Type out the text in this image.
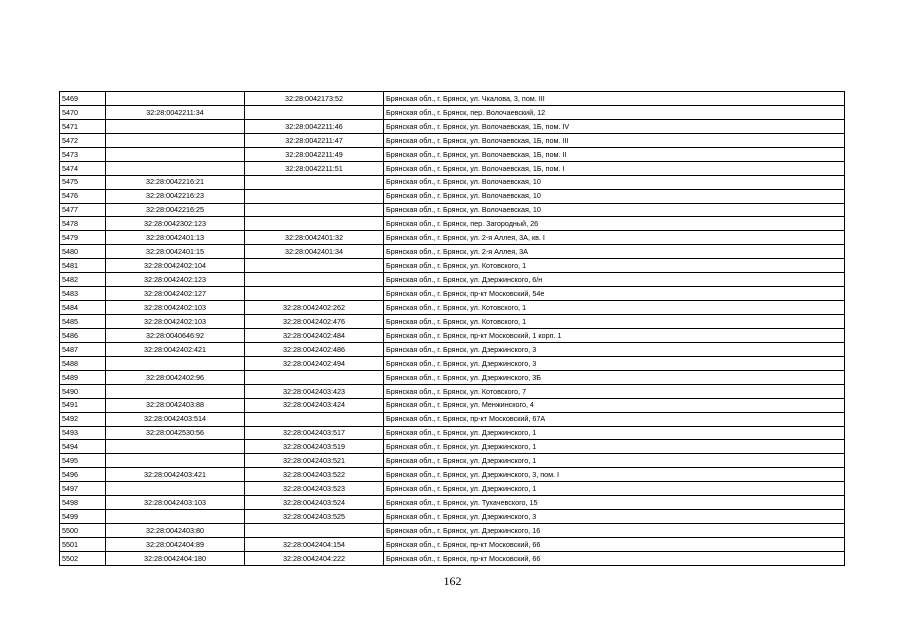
5469		32:28:0042173:52	Брянская обл., г. Брянск, ул. Чкалова, 3, пом. III
5470	32:28:0042211:34		Брянская обл., г. Брянск, пер. Волочаевский, 12
5471		32:28:0042211:46	Брянская обл., г. Брянск, ул. Волочаевская, 1Б, пом. IV
5472		32:28:0042211:47	Брянская обл., г. Брянск, ул. Волочаевская, 1Б, пом. III
5473		32:28:0042211:49	Брянская обл., г. Брянск, ул. Волочаевская, 1Б, пом. II
5474		32:28:0042211:51	Брянская обл., г. Брянск, ул. Волочаевская, 1Б, пом. I
5475	32:28:0042216:21		Брянская обл., г. Брянск, ул. Волочаевская, 10
5476	32:28:0042216:23		Брянская обл., г. Брянск, ул. Волочаевская, 10
5477	32:28:0042216:25		Брянская обл., г. Брянск, ул. Волочаевская, 10
5478	32:28:0042302:123		Брянская обл., г. Брянск, пер. Загородный, 26
5479	32:28:0042401:13	32:28:0042401:32	Брянская обл., г. Брянск, ул. 2-я Аллея, 3А, кв. I
5480	32:28:0042401:15	32:28:0042401:34	Брянская обл., г. Брянск, ул. 2-я Аллея, 3А
5481	32:28:0042402:104		Брянская обл., г. Брянск, ул. Котовского, 1
5482	32:28:0042402:123		Брянская обл., г. Брянск, ул. Дзержинского, 6/н
5483	32:28:0042402:127		Брянская обл., г. Брянск, пр-кт Московский, 54е
5484	32:28:0042402:103	32:28:0042402:262	Брянская обл., г. Брянск, ул. Котовского, 1
5485	32:28:0042402:103	32:28:0042402:476	Брянская обл., г. Брянск, ул. Котовского, 1
5486	32:28:0040646:92	32:28:0042402:484	Брянская обл., г. Брянск, пр-кт Московский, 1 корп. 1
5487	32:28:0042402:421	32:28:0042402:486	Брянская обл., г. Брянск, ул. Дзержинского, 3
5488		32:28:0042402:494	Брянская обл., г. Брянск, ул. Дзержинского, 3
5489	32:28:0042402:96		Брянская обл., г. Брянск, ул. Дзержинского, 3Б
5490		32:28:0042403:423	Брянская обл., г. Брянск, ул. Котовского, 7
5491	32:28:0042403:88	32:28:0042403:424	Брянская обл., г. Брянск, ул. Менжинского, 4
5492	32:28:0042403:514		Брянская обл., г. Брянск, пр-кт Московский, 67А
5493	32:28:0042530:56	32:28:0042403:517	Брянская обл., г. Брянск, ул. Дзержинского, 1
5494		32:28:0042403:519	Брянская обл., г. Брянск, ул. Дзержинского, 1
5495		32:28:0042403:521	Брянская обл., г. Брянск, ул. Дзержинского, 1
5496	32:28:0042403:421	32:28:0042403:522	Брянская обл., г. Брянск, ул. Дзержинского, 3, пом. I
5497		32:28:0042403:523	Брянская обл., г. Брянск, ул. Дзержинского, 1
5498	32:28:0042403:103	32:28:0042403:524	Брянская обл., г. Брянск, ул. Тухачевского, 15
5499		32:28:0042403:525	Брянская обл., г. Брянск, ул. Дзержинского, 3
5500	32:28:0042403:80		Брянская обл., г. Брянск, ул. Дзержинского, 16
5501	32:28:0042404:89	32:28:0042404:154	Брянская обл., г. Брянск, пр-кт Московский, 66
5502	32:28:0042404:180	32:28:0042404:222	Брянская обл., г. Брянск, пр-кт Московский, 66
162
